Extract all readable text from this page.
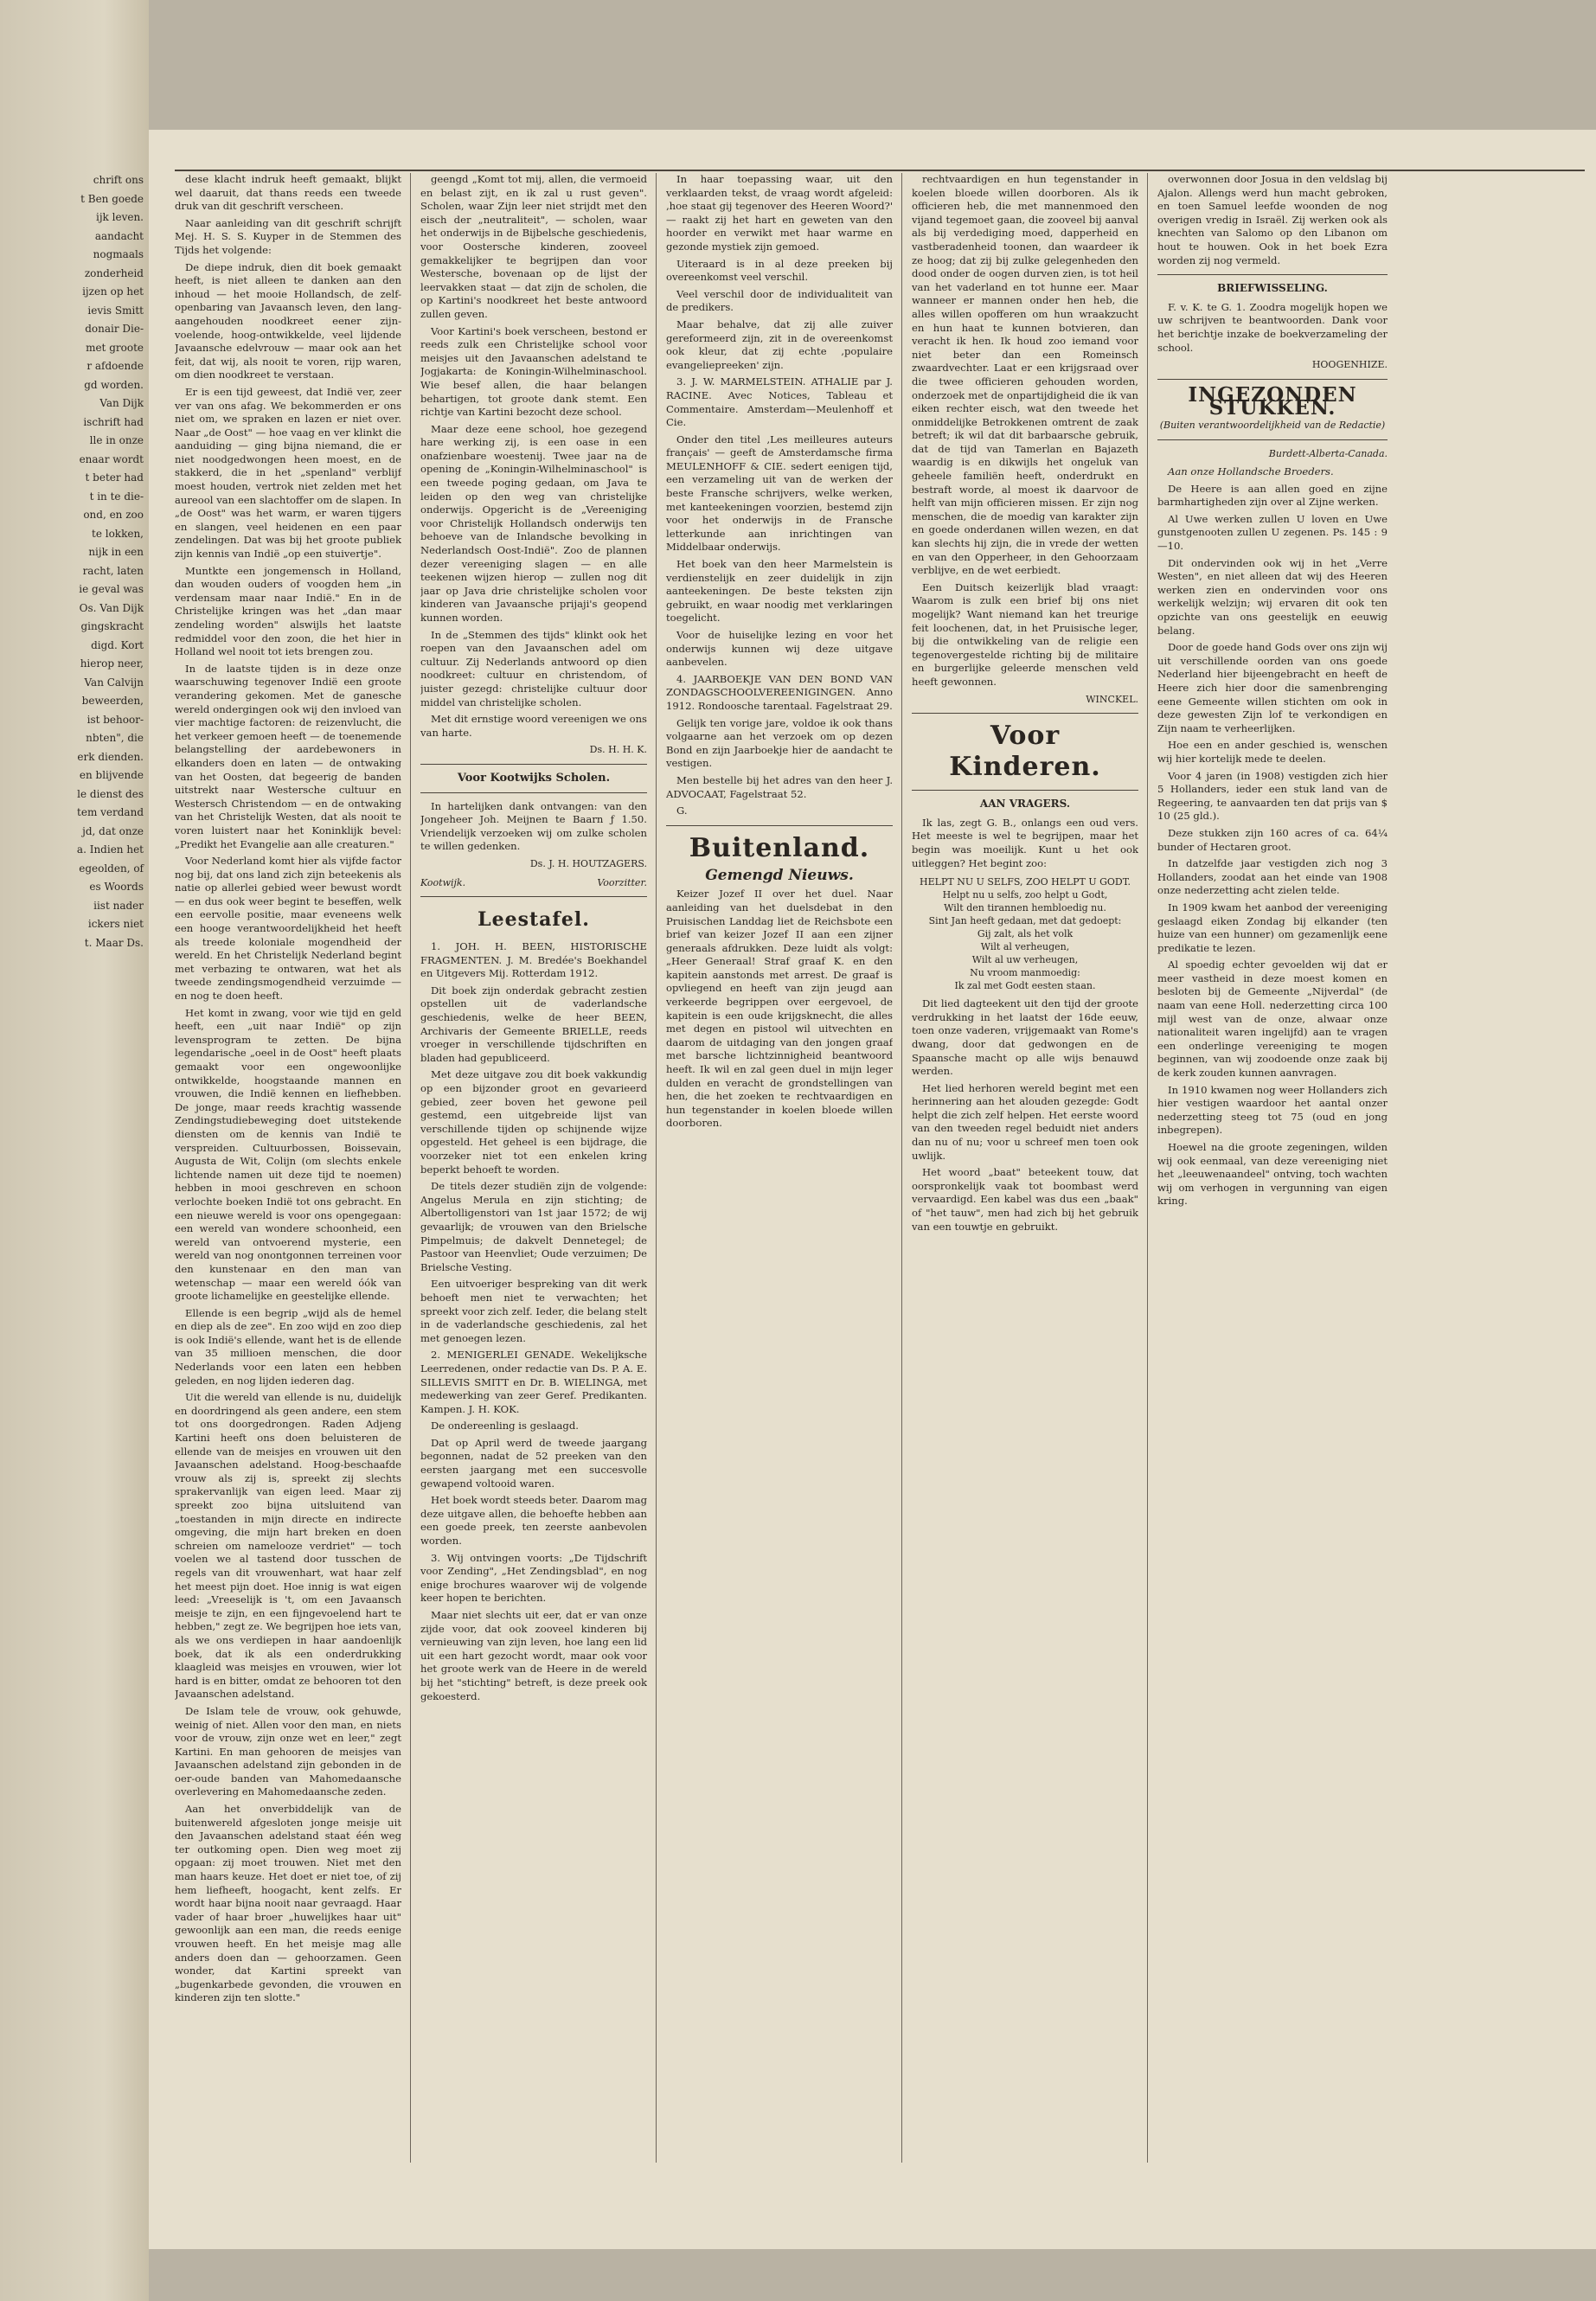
chrift ons
t Ben goede
ijk leven.
aandacht
nogmaals
zonderheid
ijzen op het
ievis Smitt
donair Die-
met groote
r afdoende
gd worden.
Van Dijk
ischrift had
lle in onze
enaar wordt
t beter had
t in te die-
ond, en zoo
te lokken,
nijk in een
racht, laten
ie geval was
Os. Van Dijk
gingskracht
digd. Kort
hierop neer,
Van Calvijn
beweerden,
ist behoor-
nbten", die
erk dienden.
en blijvende
le dienst des
tem verdand
jd, dat onze
a. Indien het
egeolden, of
es Woords
iist nader
ickers niet
t. Maar Ds.

dese klacht indruk heeft gemaakt, blijkt wel daaruit, dat thans reeds een tweede druk van dit geschrift verscheen.

Naar aanleiding van dit geschrift schrijft Mej. H. S. S. Kuyper in de Stemmen des Tijds het volgende:

De diepe indruk, dien dit boek gemaakt heeft, is niet alleen te danken aan den inhoud — het mooie Hollandsch, de zelf-openbaring van Javaansch leven, den lang-aangehouden noodkreet eener zijn-voelende, hoog-ontwikkelde, veel lijdende Javaansche edelvrouw — maar ook aan het feit, dat wij, als nooit te voren, rijp waren, om dien noodkreet te verstaan.

Er is een tijd geweest, dat Indië ver, zeer ver van ons afag. We bekommerden er ons niet om, we spraken en lazen er niet over. Naar „de Oost" — hoe vaag en ver klinkt die aanduiding — ging bijna niemand, die er niet noodgedwongen heen moest, en de stakkerd, die in het „spenland" verblijf moest houden, vertrok niet zelden met het aureool van een slachtoffer om de slapen. In „de Oost" was het warm, er waren tijgers en slangen, veel heidenen en een paar zendelingen. Dat was bij het groote publiek zijn kennis van Indië „op een stuivertje".

Muntkte een jongemensch in Holland, dan wouden ouders of voogden hem „in verdensam maar naar Indië." En in de Christelijke kringen was het „dan maar zendeling worden" alswijls het laatste redmiddel voor den zoon, die het hier in Holland wel nooit tot iets brengen zou.

In de laatste tijden is in deze onze waarschuwing tegenover Indië een groote verandering gekomen. Met de ganesche wereld ondergingen ook wij den invloed van vier machtige factoren: de reizenvlucht, die het verkeer gemoen heeft — de toenemende belangstelling der aardebewoners in elkanders doen en laten — de ontwaking van het Oosten, dat begeerig de banden uitstrekt naar Westersche cultuur en Westersch Christendom — en de ontwaking van het Christelijk Westen, dat als nooit te voren luistert naar het Koninklijk bevel: „Predikt het Evangelie aan alle creaturen."

Voor Nederland komt hier als vijfde factor nog bij, dat ons land zich zijn beteekenis als natie op allerlei gebied weer bewust wordt — en dus ook weer begint te beseffen, welk een eervolle positie, maar eveneens welk een hooge verantwoordelijkheid het heeft als treede koloniale mogendheid der wereld. En het Christelijk Nederland begint met verbazing te ontwaren, wat het als tweede zendingsmogendheid verzuimde — en nog te doen heeft.

Het komt in zwang, voor wie tijd en geld heeft, een „uit naar Indië" op zijn levensprogram te zetten. De bijna legendarische „oeel in de Oost" heeft plaats gemaakt voor een ongewoonlijke ontwikkelde, hoogstaande mannen en vrouwen, die Indië kennen en liefhebben. De jonge, maar reeds krachtig wassende Zendingstudiebeweging doet uitstekende diensten om de kennis van Indië te verspreiden. Cultuurbossen, Boissevain, Augusta de Wit, Colijn (om slechts enkele lichtende namen uit deze tijd te noemen) hebben in mooi geschreven en schoon verlochte boeken Indië tot ons gebracht. En een nieuwe wereld is voor ons opengegaan: een wereld van wondere schoonheid, een wereld van ontvoerend mysterie, een wereld van nog onontgonnen terreinen voor den kunstenaar en den man van wetenschap — maar een wereld óók van groote lichamelijke en geestelijke ellende.

Ellende is een begrip „wijd als de hemel en diep als de zee". En zoo wijd en zoo diep is ook Indië's ellende, want het is de ellende van 35 millioen menschen, die door Nederlands voor een laten een hebben geleden, en nog lijden iederen dag.

Uit die wereld van ellende is nu, duidelijk en doordringend als geen andere, een stem tot ons doorgedrongen. Raden Adjeng Kartini heeft ons doen beluisteren de ellende van de meisjes en vrouwen uit den Javaanschen adelstand. Hoog-beschaafde vrouw als zij is, spreekt zij slechts sprakervanlijk van eigen leed. Maar zij spreekt zoo bijna uitsluitend van „toestanden in mijn directe en indirecte omgeving, die mijn hart breken en doen schreien om namelooze verdriet" — toch voelen we al tastend door tusschen de regels van dit vrouwenhart, wat haar zelf het meest pijn doet. Hoe innig is wat eigen leed: „Vreeselijk is 't, om een Javaansch meisje te zijn, en een fijngevoelend hart te hebben," zegt ze. We begrijpen hoe iets van, als we ons verdiepen in haar aandoenlijk boek, dat ik als een onderdrukking klaagleid was meisjes en vrouwen, wier lot hard is en bitter, omdat ze behooren tot den Javaanschen adelstand.

De Islam tele de vrouw, ook gehuwde, weinig of niet. Allen voor den man, en niets voor de vrouw, zijn onze wet en leer," zegt Kartini. En man gehooren de meisjes van Javaanschen adelstand zijn gebonden in de oer-oude banden van Mahomedaansche overlevering en Mahomedaansche zeden.

Aan het onverbiddelijk van de buitenwereld afgesloten jonge meisje uit den Javaanschen adelstand staat één weg ter outkoming open. Dien weg moet zij opgaan: zij moet trouwen. Niet met den man haars keuze. Het doet er niet toe, of zij hem liefheeft, hoogacht, kent zelfs. Er wordt haar bijna nooit naar gevraagd. Haar vader of haar broer „huwelijkes haar uit" gewoonlijk aan een man, die reeds eenige vrouwen heeft. En het meisje mag alle anders doen dan — gehoorzamen. Geen wonder, dat Kartini spreekt van „bugenkarbede gevonden, die vrouwen en kinderen zijn ten slotte."

geengd „Komt tot mij, allen, die vermoeid en belast zijt, en ik zal u rust geven". Scholen, waar Zijn leer niet strijdt met den eisch der „neutraliteit", — scholen, waar het onderwijs in de Bijbelsche geschiedenis, voor Oostersche kinderen, zooveel gemakkelijker te begrijpen dan voor Westersche, bovenaan op de lijst der leervakken staat — dat zijn de scholen, die op Kartini's noodkreet het beste antwoord zullen geven.

Voor Kartini's boek verscheen, bestond er reeds zulk een Christelijke school voor meisjes uit den Javaanschen adelstand te Jogjakarta: de Koningin-Wilhelminaschool. Wie besef allen, die haar belangen behartigen, tot groote dank stemt. Een richtje van Kartini bezocht deze school.

Maar deze eene school, hoe gezegend hare werking zij, is een oase in een onafzienbare woestenij. Twee jaar na de opening de „Koningin-Wilhelminaschool" is een tweede poging gedaan, om Java te leiden op den weg van christelijke onderwijs. Opgericht is de „Vereeniging voor Christelijk Hollandsch onderwijs ten behoeve van de Inlandsche bevolking in Nederlandsch Oost-Indië". Zoo de plannen dezer vereeniging slagen — en alle teekenen wijzen hierop — zullen nog dit jaar op Java drie christelijke scholen voor kinderen van Javaansche prijaji's geopend kunnen worden.

In de „Stemmen des tijds" klinkt ook het roepen van den Javaanschen adel om cultuur. Zij Nederlands antwoord op dien noodkreet: cultuur en christendom, of juister gezegd: christelijke cultuur door middel van christelijke scholen.

Met dit ernstige woord vereenigen we ons van harte.

Ds. H. H. K.
Voor Kootwijks Scholen.

In hartelijken dank ontvangen: van den Jongeheer Joh. Meijnen te Baarn ƒ 1.50. Vriendelijk verzoeken wij om zulke scholen te willen gedenken.

Ds. J. H. HOUTZAGERS.
Kootwijk.	Voorzitter.
Leestafel.

1. JOH. H. BEEN, HISTORISCHE FRAGMENTEN. J. M. Bredée's Boekhandel en Uitgevers Mij. Rotterdam 1912.

Dit boek zijn onderdak gebracht zestien opstellen uit de vaderlandsche geschiedenis, welke de heer BEEN, Archivaris der Gemeente BRIELLE, reeds vroeger in verschillende tijdschriften en bladen had gepubliceerd.

Met deze uitgave zou dit boek vakkundig op een bijzonder groot en gevarieerd gebied, zeer boven het gewone peil gestemd, een uitgebreide lijst van verschillende tijden op schijnende wijze opgesteld. Het geheel is een bijdrage, die voorzeker niet tot een enkelen kring beperkt behoeft te worden.

De titels dezer studiën zijn de volgende: Angelus Merula en zijn stichting; de Albertolligenstori van 1st jaar 1572; de wij gevaarlijk; de vrouwen van den Brielsche Pimpelmuis; de dakvelt Dennetegel; de Pastoor van Heenvliet; Oude verzuimen; De Brielsche Vesting.

Een uitvoeriger bespreking van dit werk behoeft men niet te verwachten; het spreekt voor zich zelf. Ieder, die belang stelt in de vaderlandsche geschiedenis, zal het met genoegen lezen.

2. MENIGERLEI GENADE. Wekelijksche Leerredenen, onder redactie van Ds. P. A. E. SILLEVIS SMITT en Dr. B. WIELINGA, met medewerking van zeer Geref. Predikanten. Kampen. J. H. KOK.

De ondereenling is geslaagd.

Dat op April werd de tweede jaargang begonnen, nadat de 52 preeken van den eersten jaargang met een succesvolle gewapend voltooid waren.

Het boek wordt steeds beter. Daarom mag deze uitgave allen, die behoefte hebben aan een goede preek, ten zeerste aanbevolen worden.

3. Wij ontvingen voorts: „De Tijdschrift voor Zending", „Het Zendingsblad", en nog enige brochures waarover wij de volgende keer hopen te berichten.

Maar niet slechts uit eer, dat er van onze zijde voor, dat ook zooveel kinderen bij vernieuwing van zijn leven, hoe lang een lid uit een hart gezocht wordt, maar ook voor het groote werk van de Heere in de wereld bij het "stichting" betreft, is deze preek ook gekoesterd.

In haar toepassing waar, uit den verklaarden tekst, de vraag wordt afgeleid: ‚hoe staat gij tegenover des Heeren Woord?' — raakt zij het hart en geweten van den hoorder en verwikt met haar warme en gezonde mystiek zijn gemoed.

Uiteraard is in al deze preeken bij overeenkomst veel verschil.

Veel verschil door de individualiteit van de predikers.

Maar behalve, dat zij alle zuiver gereformeerd zijn, zit in de overeenkomst ook kleur, dat zij echte ‚populaire evangeliepreeken' zijn.

3. J. W. MARMELSTEIN. ATHALIE par J. RACINE. Avec Notices, Tableau et Commentaire. Amsterdam—Meulenhoff et Cie.

Onder den titel ‚Les meilleures auteurs français' — geeft de Amsterdamsche firma MEULENHOFF & CIE. sedert eenigen tijd, een verzameling uit van de werken der beste Fransche schrijvers, welke werken, met kanteekeningen voorzien, bestemd zijn voor het onderwijs in de Fransche letterkunde aan inrichtingen van Middelbaar onderwijs.

Het boek van den heer Marmelstein is verdienstelijk en zeer duidelijk in zijn aanteekeningen. De beste teksten zijn gebruikt, en waar noodig met verklaringen toegelicht.

Voor de huiselijke lezing en voor het onderwijs kunnen wij deze uitgave aanbevelen.

4. JAARBOEKJE VAN DEN BOND VAN ZONDAGSCHOOLVEREENIGINGEN. Anno 1912. Rondoosche tarentaal. Fagelstraat 29.

Gelijk ten vorige jare, voldoe ik ook thans volgaarne aan het verzoek om op dezen Bond en zijn Jaarboekje hier de aandacht te vestigen.

Men bestelle bij het adres van den heer J. ADVOCAAT, Fagelstraat 52.

G.

Buitenland.
Gemengd Nieuws.

Keizer Jozef II over het duel. Naar aanleiding van het duelsdebat in den Pruisischen Landdag liet de Reichsbote een brief van keizer Jozef II aan een zijner generaals afdrukken. Deze luidt als volgt: „Heer Generaal! Straf graaf K. en den kapitein aanstonds met arrest. De graaf is opvliegend en heeft van zijn jeugd aan verkeerde begrippen over eergevoel, de kapitein is een oude krijgsknecht, die alles met degen en pistool wil uitvechten en daarom de uitdaging van den jongen graaf met barsche lichtzinnigheid beantwoord heeft. Ik wil en zal geen duel in mijn leger dulden en veracht de grondstellingen van hen, die het zoeken te rechtvaardigen en hun tegenstander in koelen bloede willen doorboren.

rechtvaardigen en hun tegenstander in koelen bloede willen doorboren. Als ik officieren heb, die met mannenmoed den vijand tegemoet gaan, die zooveel bij aanval als bij verdediging moed, dapperheid en vastberadenheid toonen, dan waardeer ik ze hoog; dat zij bij zulke gelegenheden den dood onder de oogen durven zien, is tot heil van het vaderland en tot hunne eer. Maar wanneer er mannen onder hen heb, die alles willen opofferen om hun wraakzucht en hun haat te kunnen botvieren, dan veracht ik hen. Ik houd zoo iemand voor niet beter dan een Romeinsch zwaardvechter. Laat er een krijgsraad over die twee officieren gehouden worden, onderzoek met de onpartijdigheid die ik van eiken rechter eisch, wat den tweede het onmiddelijke Betrokkenen omtrent de zaak betreft; ik wil dat dit barbaarsche gebruik, dat de tijd van Tamerlan en Bajazeth waardig is en dikwijls het ongeluk van geheele familiën heeft, onderdrukt en bestraft worde, al moest ik daarvoor de helft van mijn officieren missen. Er zijn nog menschen, die de moedig van karakter zijn en goede onderdanen willen wezen, en dat kan slechts hij zijn, die in vrede der wetten en van den Opperheer, in den Gehoorzaam verblijve, en de wet eerbiedt.

Een Duitsch keizerlijk blad vraagt: Waarom is zulk een brief bij ons niet mogelijk? Want niemand kan het treurige feit loochenen, dat, in het Pruisische leger, bij die ontwikkeling van de religie een tegenovergestelde richting bij de militaire en burgerlijke geleerde menschen veld heeft gewonnen.

WINCKEL.
Voor Kinderen.
AAN VRAGERS.

Ik las, zegt G. B., onlangs een oud vers. Het meeste is wel te begrijpen, maar het begin was moeilijk. Kunt u het ook uitleggen? Het begint zoo:

HELPT NU U SELFS, ZOO HELPT U GODT.
Helpt nu u selfs, zoo helpt u Godt,
Wilt den tirannen hembloedig nu.
Sint Jan heeft gedaan, met dat gedoept:
Gij zalt, als het volk
Wilt al verheugen,
Wilt al uw verheugen,
Nu vroom manmoedig:
Ik zal met Godt eesten staan.

Dit lied dagteekent uit den tijd der groote verdrukking in het laatst der 16de eeuw, toen onze vaderen, vrijgemaakt van Rome's dwang, door dat gedwongen en de Spaansche macht op alle wijs benauwd werden.

Het lied herhoren wereld begint met een herinnering aan het alouden gezegde: Godt helpt die zich zelf helpen. Het eerste woord van den tweeden regel beduidt niet anders dan nu of nu; voor u schreef men toen ook uwlijk.

Het woord „baat" beteekent touw, dat oorspronkelijk vaak tot boombast werd vervaardigd. Een kabel was dus een „baak" of "het tauw", men had zich bij het gebruik van een touwtje en gebruikt.

overwonnen door Josua in den veldslag bij Ajalon. Allengs werd hun macht gebroken, en toen Samuel leefde woonden de nog overigen vredig in Israël. Zij werken ook als knechten van Salomo op den Libanon om hout te houwen. Ook in het boek Ezra worden zij nog vermeld.

BRIEFWISSELING.

F. v. K. te G. 1. Zoodra mogelijk hopen we uw schrijven te beantwoorden. Dank voor het berichtje inzake de boekverzameling der school.

HOOGENHIZE.
INGEZONDEN STUKKEN.
(Buiten verantwoordelijkheid van de Redactie)
Burdett-Alberta-Canada.

Aan onze Hollandsche Broeders.

De Heere is aan allen goed en zijne barmhartigheden zijn over al Zijne werken.

Al Uwe werken zullen U loven en Uwe gunstgenooten zullen U zegenen. Ps. 145 : 9—10.

Dit ondervinden ook wij in het „Verre Westen", en niet alleen dat wij des Heeren werken zien en ondervinden voor ons werkelijk welzijn; wij ervaren dit ook ten opzichte van ons geestelijk en eeuwig belang.

Door de goede hand Gods over ons zijn wij uit verschillende oorden van ons goede Nederland hier bijeengebracht en heeft de Heere zich hier door die samenbrenging eene Gemeente willen stichten om ook in deze gewesten Zijn lof te verkondigen en Zijn naam te verheerlijken.

Hoe een en ander geschied is, wenschen wij hier kortelijk mede te deelen.

Voor 4 jaren (in 1908) vestigden zich hier 5 Hollanders, ieder een stuk land van de Regeering, te aanvaarden ten dat prijs van $ 10 (25 gld.).

Deze stukken zijn 160 acres of ca. 64¼ bunder of Hectaren groot.

In datzelfde jaar vestigden zich nog 3 Hollanders, zoodat aan het einde van 1908 onze nederzetting acht zielen telde.

In 1909 kwam het aanbod der vereeniging geslaagd eiken Zondag bij elkander (ten huize van een hunner) om gezamenlijk eene predikatie te lezen.

Al spoedig echter gevoelden wij dat er meer vastheid in deze moest komen en besloten bij de Gemeente „Nijverdal" (de naam van eene Holl. nederzetting circa 100 mijl west van de onze, alwaar onze nationaliteit waren ingelijfd) aan te vragen een onderlinge vereeniging te mogen beginnen, van wij zoodoende onze zaak bij de kerk zouden kunnen aanvragen.

In 1910 kwamen nog weer Hollanders zich hier vestigen waardoor het aantal onzer nederzetting steeg tot 75 (oud en jong inbegrepen).

Hoewel na die groote zegeningen, wilden wij ook eenmaal, van deze vereeniging niet het „leeuwenaandeel" ontving, toch wachten wij om verhogen in vergunning van eigen kring.
